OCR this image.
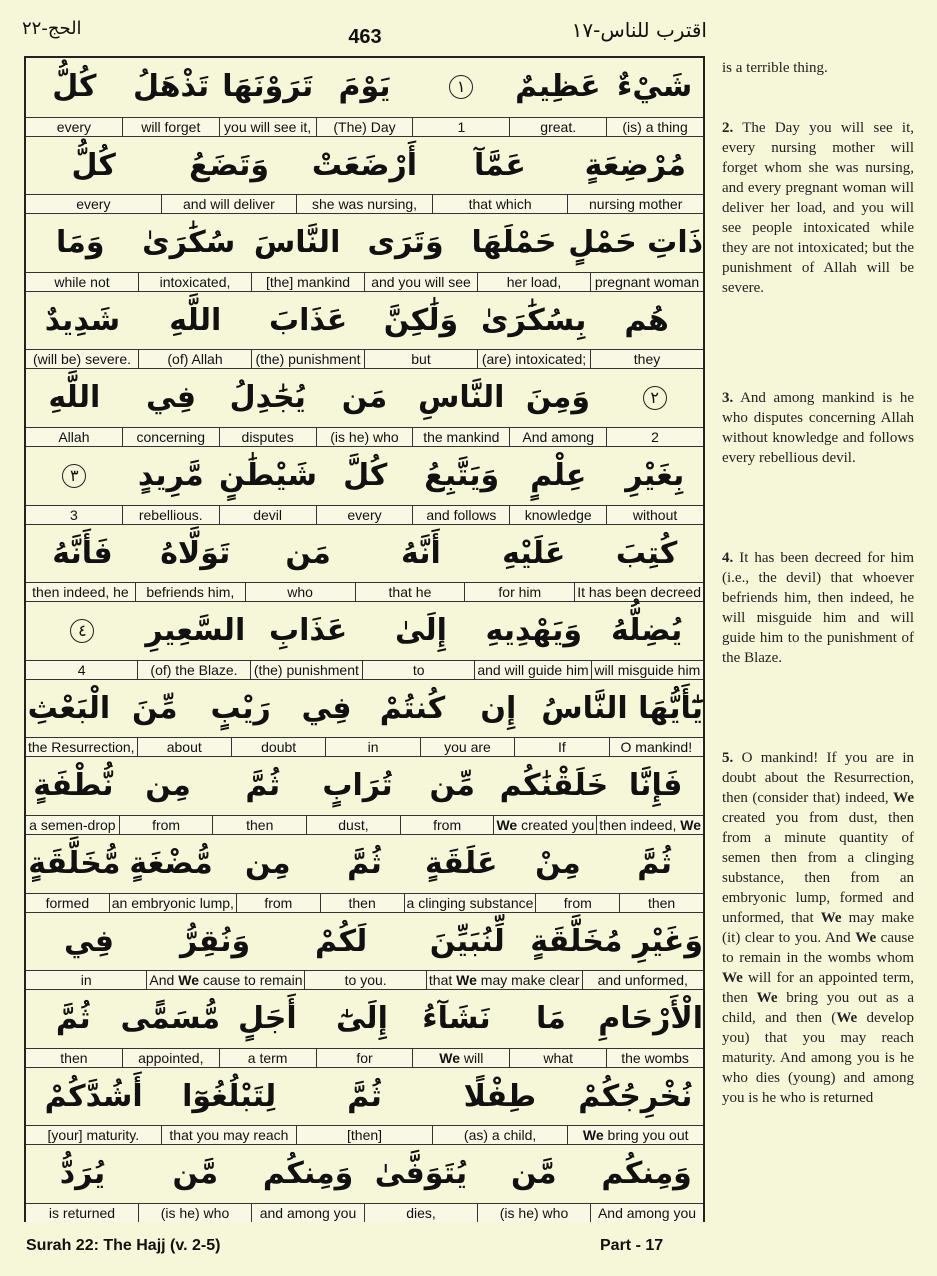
اقترب للناس-١٧
463
الحج-٢٢
شَيْءٌ
عَظِيمٌ
١
يَوْمَ
تَرَوْنَهَا
تَذْهَلُ
كُلُّ
(is) a thing
great.
1
(The) Day
you will see it,
will forget
every
مُرْضِعَةٍ
عَمَّآ
أَرْضَعَتْ
وَتَضَعُ
كُلُّ
nursing mother
that which
she was nursing,
and will deliver
every
ذَاتِ حَمْلٍ
حَمْلَهَا
وَتَرَى
النَّاسَ
سُكَٰرَىٰ
وَمَا
pregnant woman
her load,
and you will see
[the] mankind
intoxicated,
while not
هُم
بِسُكَٰرَىٰ
وَلَٰكِنَّ
عَذَابَ
اللَّهِ
شَدِيدٌ
they
(are) intoxicated;
but
(the) punishment
(of) Allah
(will be) severe.
٢
وَمِنَ
النَّاسِ
مَن
يُجَٰدِلُ
فِي
اللَّهِ
2
And among
the mankind
(is he) who
disputes
concerning
Allah
بِغَيْرِ
عِلْمٍ
وَيَتَّبِعُ
كُلَّ
شَيْطَٰنٍ
مَّرِيدٍ
٣
without
knowledge
and follows
every
devil
rebellious.
3
كُتِبَ
عَلَيْهِ
أَنَّهُ
مَن
تَوَلَّاهُ
فَأَنَّهُ
It has been decreed
for him
that he
who
befriends him,
then indeed, he
يُضِلُّهُ
وَيَهْدِيهِ
إِلَىٰ
عَذَابِ
السَّعِيرِ
٤
will misguide him
and will guide him
to
(the) punishment
(of) the Blaze.
4
يَٰٓأَيُّهَا النَّاسُ
إِن
كُنتُمْ
فِي
رَيْبٍ
مِّنَ
الْبَعْثِ
O mankind!
If
you are
in
doubt
about
the Resurrection,
فَإِنَّا
خَلَقْنَٰكُم
مِّن
تُرَابٍ
ثُمَّ
مِن
نُّطْفَةٍ
then indeed, We
We created you
from
dust,
then
from
a semen-drop
ثُمَّ
مِنْ
عَلَقَةٍ
ثُمَّ
مِن
مُّضْغَةٍ
مُّخَلَّقَةٍ
then
from
a clinging substance
then
from
an embryonic lump,
formed
وَغَيْرِ مُخَلَّقَةٍ
لِّنُبَيِّنَ
لَكُمْ
وَنُقِرُّ
فِي
and unformed,
that We may make clear
to you.
And We cause to remain
in
الْأَرْحَامِ
مَا
نَشَآءُ
إِلَىٰٓ
أَجَلٍ
مُّسَمًّى
ثُمَّ
the wombs
what
We will
for
a term
appointed,
then
نُخْرِجُكُمْ
طِفْلًا
ثُمَّ
لِتَبْلُغُوٓا
أَشُدَّكُمْ
We bring you out
(as) a child,
[then]
that you may reach
[your] maturity.
وَمِنكُم
مَّن
يُتَوَفَّىٰ
وَمِنكُم
مَّن
يُرَدُّ
And among you
(is he) who
dies,
and among you
(is he) who
is returned
is a terrible thing.
2. The Day you will see it, every nursing mother will forget whom she was nursing, and every pregnant woman will deliver her load, and you will see people intoxicated while they are not intoxicated; but the punishment of Allah will be severe.
3. And among mankind is he who disputes concerning Allah without knowledge and follows every rebellious devil.
4. It has been decreed for him (i.e., the devil) that whoever befriends him, then indeed, he will misguide him and will guide him to the punishment of the Blaze.
5. O mankind! If you are in doubt about the Resurrection, then (consider that) indeed, We created you from dust, then from a minute quantity of semen then from a clinging substance, then from an embryonic lump, formed and unformed, that We may make (it) clear to you. And We cause to remain in the wombs whom We will for an appointed term, then We bring you out as a child, and then (We develop you) that you may reach maturity. And among you is he who dies (young) and among you is he who is returned
Surah 22: The Hajj (v. 2-5)	Part - 17
